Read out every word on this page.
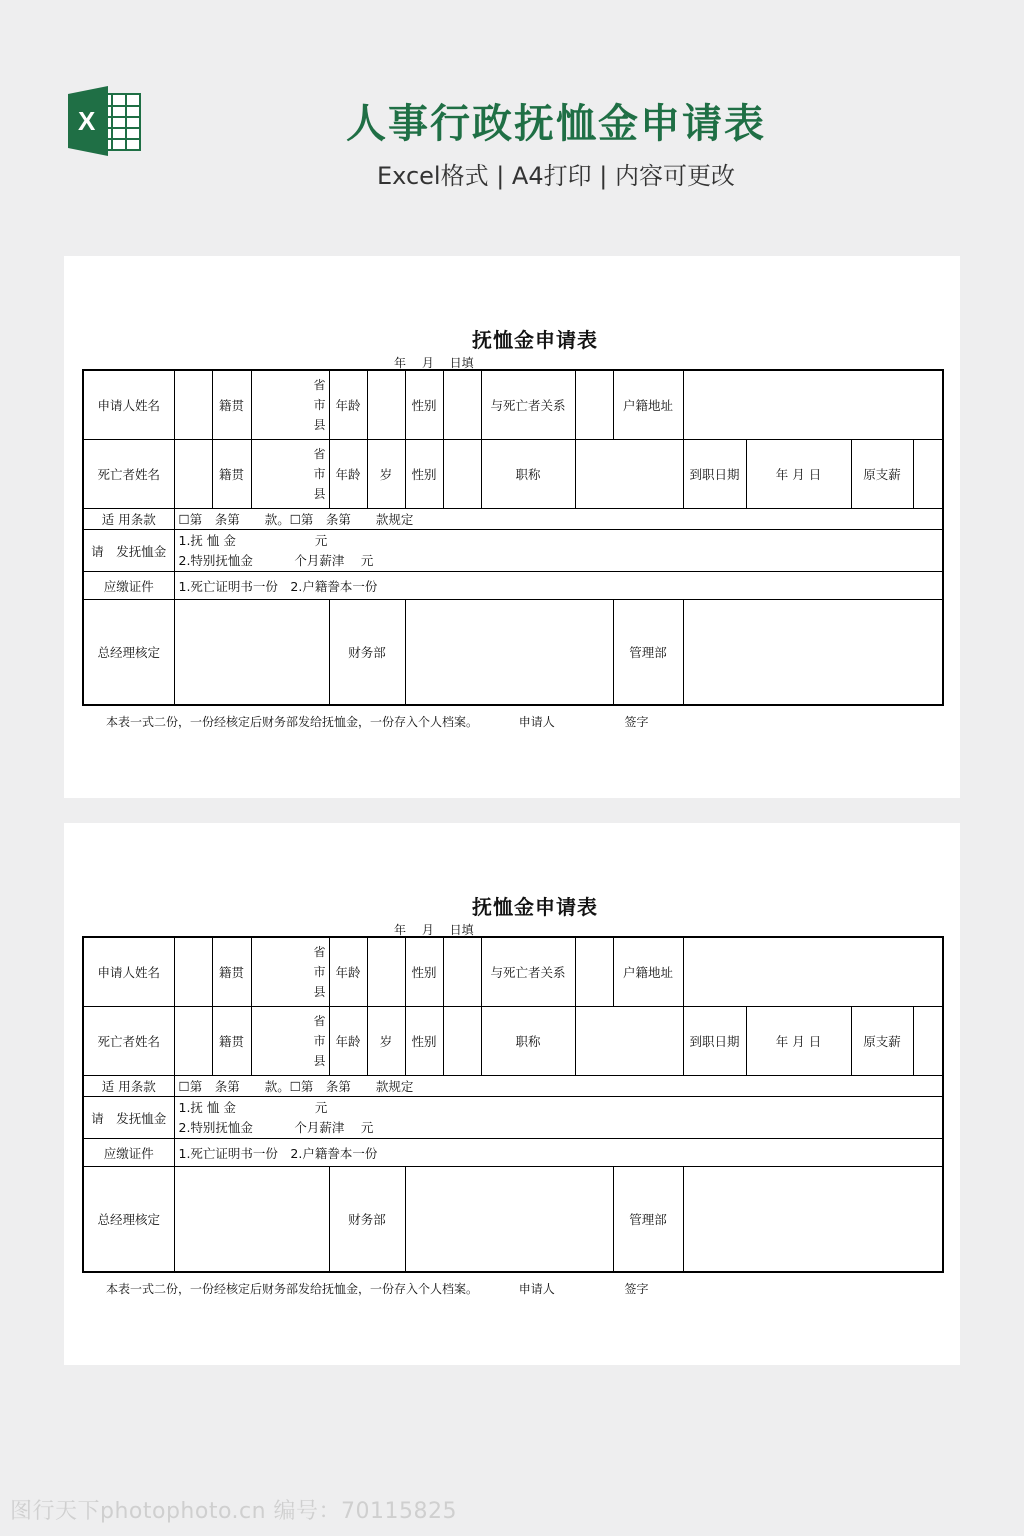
X	人事行政抚恤金申请表
Excel格式 | A4打印 | 内容可更改
抚恤金申请表
年 月 日填
申请人姓名		籍贯	省
市
县	年龄		性别		与死亡者关系		户籍地址				
死亡者姓名		籍贯	省
市
县	年龄	岁	性别		职称			到职日期	年 月 日	原支薪	
适 用条款	☐第　条第　　款。☐第　条第　　款规定													
请　发抚恤金	1.抚 恤 金　　　　　　 元
2.特别抚恤金　　　 个月薪津　 元													

应缴证件	1.死亡证明书一份　2.户籍誊本一份													
总经理核定				财务部						管理部				
本表一式二份，一份经核定后财务部发给抚恤金，一份存入个人档案。       申请人            签字
抚恤金申请表
年 月 日填
申请人姓名		籍贯	省
市
县	年龄		性别		与死亡者关系		户籍地址				
死亡者姓名		籍贯	省
市
县	年龄	岁	性别		职称			到职日期	年 月 日	原支薪	
适 用条款	☐第　条第　　款。☐第　条第　　款规定													
请　发抚恤金	1.抚 恤 金　　　　　　 元
2.特别抚恤金　　　 个月薪津　 元													

应缴证件	1.死亡证明书一份　2.户籍誊本一份													
总经理核定				财务部						管理部				
本表一式二份，一份经核定后财务部发给抚恤金，一份存入个人档案。       申请人            签字
图行天下photophoto.cn 编号：70115825
